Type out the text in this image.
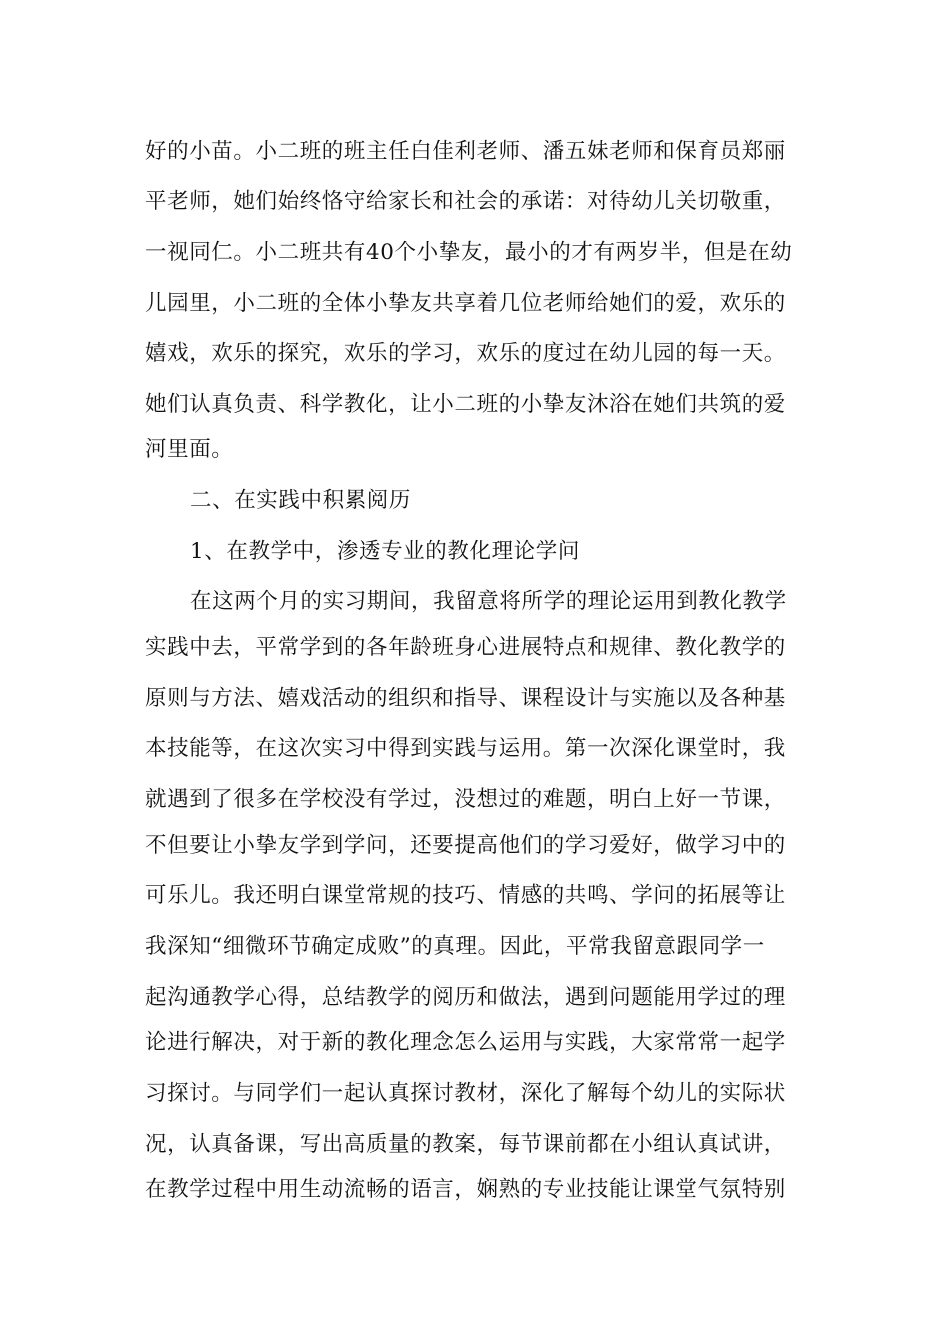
好的小苗。小二班的班主任白佳利老师、潘五妹老师和保育员郑丽
平老师，她们始终恪守给家长和社会的承诺：对待幼儿关切敬重，
一视同仁。小二班共有40个小挚友，最小的才有两岁半，但是在幼
儿园里，小二班的全体小挚友共享着几位老师给她们的爱，欢乐的
嬉戏，欢乐的探究，欢乐的学习，欢乐的度过在幼儿园的每一天。
她们认真负责、科学教化，让小二班的小挚友沐浴在她们共筑的爱
河里面。
二、在实践中积累阅历
1、在教学中，渗透专业的教化理论学问
在这两个月的实习期间，我留意将所学的理论运用到教化教学
实践中去，平常学到的各年龄班身心进展特点和规律、教化教学的
原则与方法、嬉戏活动的组织和指导、课程设计与实施以及各种基
本技能等，在这次实习中得到实践与运用。第一次深化课堂时，我
就遇到了很多在学校没有学过，没想过的难题，明白上好一节课，
不但要让小挚友学到学问，还要提高他们的学习爱好，做学习中的
可乐儿。我还明白课堂常规的技巧、情感的共鸣、学问的拓展等让
我深知“细微环节确定成败”的真理。因此，平常我留意跟同学一
起沟通教学心得，总结教学的阅历和做法，遇到问题能用学过的理
论进行解决，对于新的教化理念怎么运用与实践，大家常常一起学
习探讨。与同学们一起认真探讨教材，深化了解每个幼儿的实际状
况，认真备课，写出高质量的教案，每节课前都在小组认真试讲，
在教学过程中用生动流畅的语言，娴熟的专业技能让课堂气氛特别
